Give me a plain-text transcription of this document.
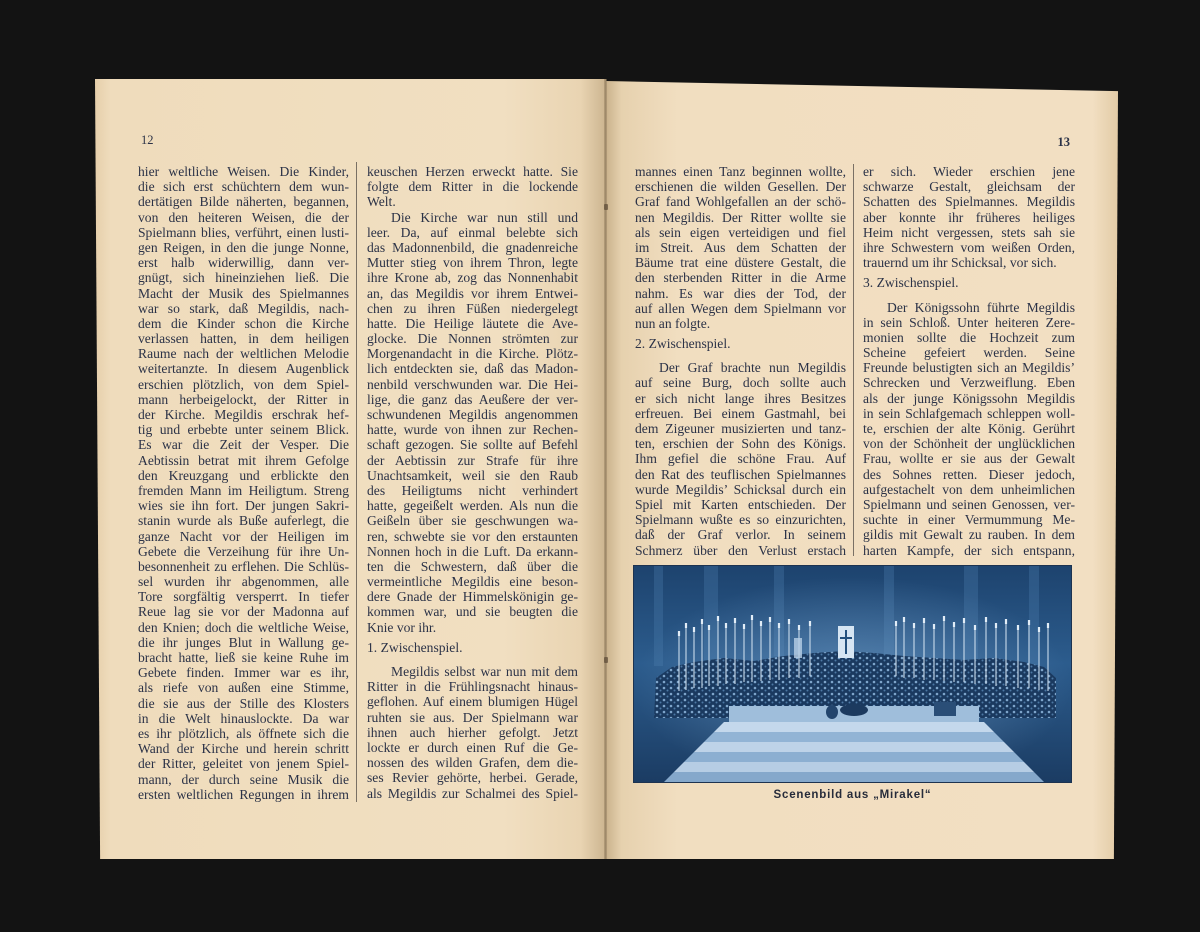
12	13
hier weltliche Weisen. Die Kinder,
die sich erst schüchtern dem wun-
dertätigen Bilde näherten, begannen,
von den heiteren Weisen, die der
Spielmann blies, verführt, einen lusti-
gen Reigen, in den die junge Nonne,
erst halb widerwillig, dann ver-
gnügt, sich hineinziehen ließ. Die
Macht der Musik des Spielmannes
war so stark, daß Megildis, nach-
dem die Kinder schon die Kirche
verlassen hatten, in dem heiligen
Raume nach der weltlichen Melodie
weitertanzte. In diesem Augenblick
erschien plötzlich, von dem Spiel-
mann herbeigelockt, der Ritter in
der Kirche. Megildis erschrak hef-
tig und erbebte unter seinem Blick.
Es war die Zeit der Vesper. Die
Aebtissin betrat mit ihrem Gefolge
den Kreuzgang und erblickte den
fremden Mann im Heiligtum. Streng
wies sie ihn fort. Der jungen Sakri-
stanin wurde als Buße auferlegt, die
ganze Nacht vor der Heiligen im
Gebete die Verzeihung für ihre Un-
besonnenheit zu erflehen. Die Schlüs-
sel wurden ihr abgenommen, alle
Tore sorgfältig versperrt. In tiefer
Reue lag sie vor der Madonna auf
den Knien; doch die weltliche Weise,
die ihr junges Blut in Wallung ge-
bracht hatte, ließ sie keine Ruhe im
Gebete finden. Immer war es ihr,
als riefe von außen eine Stimme,
die sie aus der Stille des Klosters
in die Welt hinauslockte. Da war
es ihr plötzlich, als öffnete sich die
Wand der Kirche und herein schritt
der Ritter, geleitet von jenem Spiel-
mann, der durch seine Musik die
ersten weltlichen Regungen in ihrem
keuschen Herzen erweckt hatte. Sie
folgte dem Ritter in die lockende
Welt.
Die Kirche war nun still und
leer. Da, auf einmal belebte sich
das Madonnenbild, die gnadenreiche
Mutter stieg von ihrem Thron, legte
ihre Krone ab, zog das Nonnenhabit
an, das Megildis vor ihrem Entwei-
chen zu ihren Füßen niedergelegt
hatte. Die Heilige läutete die Ave-
glocke. Die Nonnen strömten zur
Morgenandacht in die Kirche. Plötz-
lich entdeckten sie, daß das Madon-
nenbild verschwunden war. Die Hei-
lige, die ganz das Aeußere der ver-
schwundenen Megildis angenommen
hatte, wurde von ihnen zur Rechen-
schaft gezogen. Sie sollte auf Befehl
der Aebtissin zur Strafe für ihre
Unachtsamkeit, weil sie den Raub
des Heiligtums nicht verhindert
hatte, gegeißelt werden. Als nun die
Geißeln über sie geschwungen wa-
ren, schwebte sie vor den erstaunten
Nonnen hoch in die Luft. Da erkann-
ten die Schwestern, daß über die
vermeintliche Megildis eine beson-
dere Gnade der Himmelskönigin ge-
kommen war, und sie beugten die
Knie vor ihr.
1. Zwischenspiel.
Megildis selbst war nun mit dem
Ritter in die Frühlingsnacht hinaus-
geflohen. Auf einem blumigen Hügel
ruhten sie aus. Der Spielmann war
ihnen auch hierher gefolgt. Jetzt
lockte er durch einen Ruf die Ge-
nossen des wilden Grafen, dem die-
ses Revier gehörte, herbei. Gerade,
als Megildis zur Schalmei des Spiel-
mannes einen Tanz beginnen wollte,
erschienen die wilden Gesellen. Der
Graf fand Wohlgefallen an der schö-
nen Megildis. Der Ritter wollte sie
als sein eigen verteidigen und fiel
im Streit. Aus dem Schatten der
Bäume trat eine düstere Gestalt, die
den sterbenden Ritter in die Arme
nahm. Es war dies der Tod, der
auf allen Wegen dem Spielmann vor
nun an folgte.
2. Zwischenspiel.
Der Graf brachte nun Megildis
auf seine Burg, doch sollte auch
er sich nicht lange ihres Besitzes
erfreuen. Bei einem Gastmahl, bei
dem Zigeuner musizierten und tanz-
ten, erschien der Sohn des Königs.
Ihm gefiel die schöne Frau. Auf
den Rat des teuflischen Spielmannes
wurde Megildis’ Schicksal durch ein
Spiel mit Karten entschieden. Der
Spielmann wußte es so einzurichten,
daß der Graf verlor. In seinem
Schmerz über den Verlust erstach
er sich. Wieder erschien jene
schwarze Gestalt, gleichsam der
Schatten des Spielmannes. Megildis
aber konnte ihr früheres heiliges
Heim nicht vergessen, stets sah sie
ihre Schwestern vom weißen Orden,
trauernd um ihr Schicksal, vor sich.
3. Zwischenspiel.
Der Königssohn führte Megildis
in sein Schloß. Unter heiteren Zere-
monien sollte die Hochzeit zum
Scheine gefeiert werden. Seine
Freunde belustigten sich an Megildis’
Schrecken und Verzweiflung. Eben
als der junge Königssohn Megildis
in sein Schlafgemach schleppen woll-
te, erschien der alte König. Gerührt
von der Schönheit der unglücklichen
Frau, wollte er sie aus der Gewalt
des Sohnes retten. Dieser jedoch,
aufgestachelt von dem unheimlichen
Spielmann und seinen Genossen, ver-
suchte in einer Vermummung Me-
gildis mit Gewalt zu rauben. In dem
harten Kampfe, der sich entspann,
Scenenbild aus „Mirakel“
